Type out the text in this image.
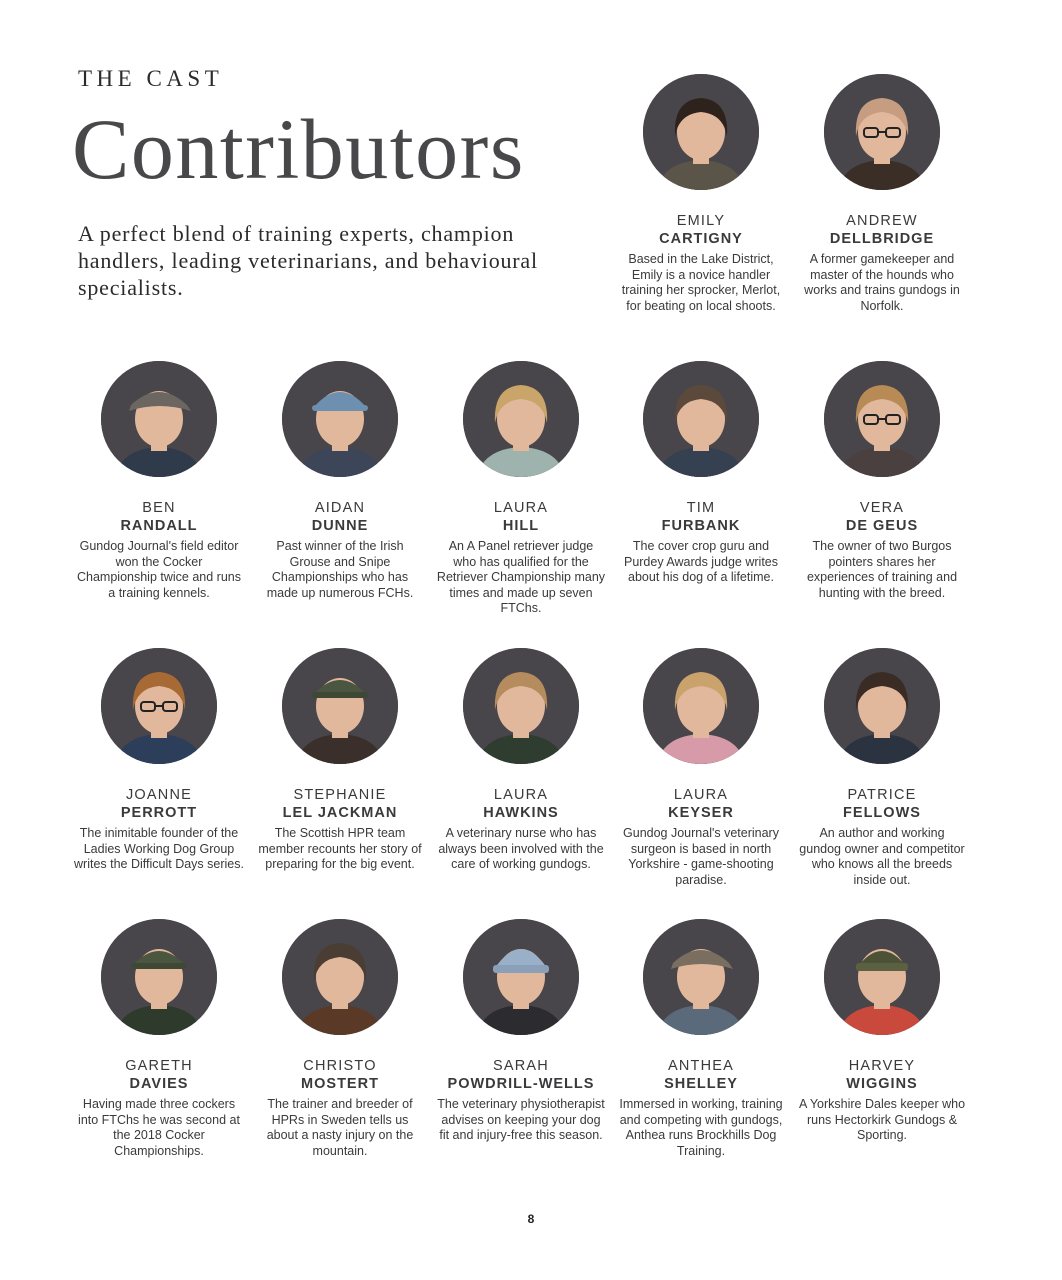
THE CAST
Contributors
A perfect blend of training experts, champion handlers, leading veterinarians, and behavioural specialists.
EMILY
CARTIGNY
Based in the Lake District, Emily is a novice handler training her sprocker, Merlot, for beating on local shoots.
ANDREW
DELLBRIDGE
A former gamekeeper and master of the hounds who works and trains gundogs in Norfolk.
BEN
RANDALL
Gundog Journal's field editor won the Cocker Championship twice and runs a training kennels.
AIDAN
DUNNE
Past winner of the Irish Grouse and Snipe Championships who has made up numerous FCHs.
LAURA
HILL
An A Panel retriever judge who has qualified for the Retriever Championship many times and made up seven FTChs.
TIM
FURBANK
The cover crop guru and Purdey Awards judge writes about his dog of a lifetime.
VERA
DE GEUS
The owner of two Burgos pointers shares her experiences of training and hunting with the breed.
JOANNE
PERROTT
The inimitable founder of the Ladies Working Dog Group writes the Difficult Days series.
STEPHANIE
LEL JACKMAN
The Scottish HPR team member recounts her story of preparing for the big event.
LAURA
HAWKINS
A veterinary nurse who has always been involved with the care of working gundogs.
LAURA
KEYSER
Gundog Journal's veterinary surgeon is based in north Yorkshire - game-shooting paradise.
PATRICE
FELLOWS
An author and working gundog owner and competitor who knows all the breeds inside out.
GARETH
DAVIES
Having made three cockers into FTChs he was second at the 2018 Cocker Championships.
CHRISTO
MOSTERT
The trainer and breeder of HPRs in Sweden tells us about a nasty injury on the mountain.
SARAH
POWDRILL-WELLS
The veterinary physiotherapist advises on keeping your dog fit and injury-free this season.
ANTHEA
SHELLEY
Immersed in working, training and competing with gundogs, Anthea runs Brockhills Dog Training.
HARVEY
WIGGINS
A Yorkshire Dales keeper who runs Hectorkirk Gundogs & Sporting.
8
